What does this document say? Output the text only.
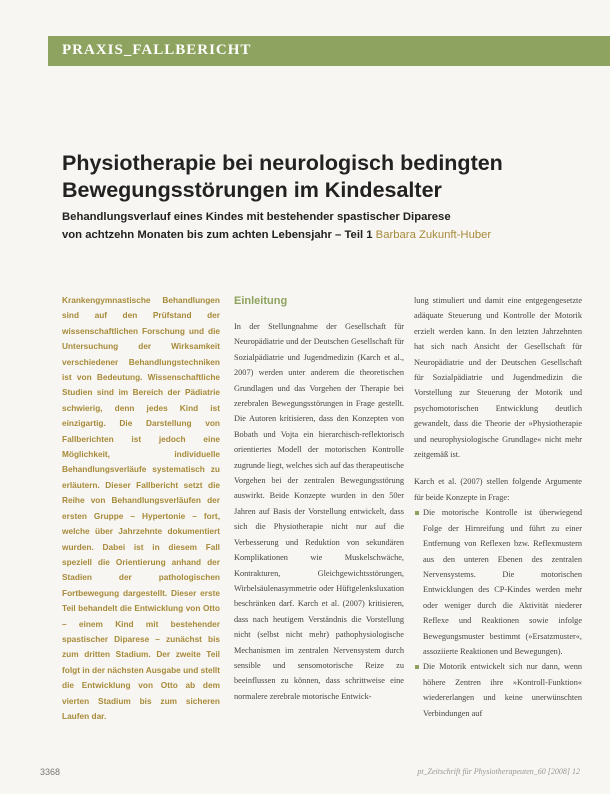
PRAXIS_FALLBERICHT
Physiotherapie bei neurologisch bedingten
Bewegungsstörungen im Kindesalter
Behandlungsverlauf eines Kindes mit bestehender spastischer Diparese
von achtzehn Monaten bis zum achten Lebensjahr – Teil 1 Barbara Zukunft-Huber

Krankengymnastische Behandlungen sind auf den Prüfstand der wissenschaftlichen Forschung und die Untersuchung der Wirksamkeit verschiedener Behandlungstechniken ist von Bedeutung. Wissenschaftliche Studien sind im Bereich der Pädiatrie schwierig, denn jedes Kind ist einzigartig. Die Darstellung von Fallberichten ist jedoch eine Möglichkeit, individuelle Behandlungsverläufe systematisch zu erläutern. Dieser Fallbericht setzt die Reihe von Behandlungsverläufen der ersten Gruppe – Hypertonie – fort, welche über Jahrzehnte dokumentiert wurden. Dabei ist in diesem Fall speziell die Orientierung anhand der Stadien der pathologischen Fortbewegung dargestellt. Dieser erste Teil behandelt die Entwicklung von Otto – einem Kind mit bestehender spastischer Diparese – zunächst bis zum dritten Stadium. Der zweite Teil folgt in der nächsten Ausgabe und stellt die Entwicklung von Otto ab dem vierten Stadium bis zum sicheren Laufen dar.

Einleitung

In der Stellungnahme der Gesellschaft für Neuropädiatrie und der Deutschen Gesellschaft für Sozialpädiatrie und Jugendmedizin (Karch et al., 2007) werden unter anderem die theoretischen Grundlagen und das Vorgehen der Therapie bei zerebralen Bewegungsstörungen in Frage gestellt. Die Autoren kritisieren, dass den Konzepten von Bobath und Vojta ein hierarchisch-reflektorisch orientiertes Modell der motorischen Kontrolle zugrunde liegt, welches sich auf das therapeutische Vorgehen bei der zentralen Bewegungsstörung auswirkt. Beide Konzepte wurden in den 50er Jahren auf Basis der Vorstellung entwickelt, dass sich die Physiotherapie nicht nur auf die Verbesserung und Reduktion von sekundären Komplikationen wie Muskelschwäche, Kontrakturen, Gleichgewichtsstörungen, Wirbelsäulenasymmetrie oder Hüftgelenksluxation beschränken darf. Karch et al. (2007) kritisieren, dass nach heutigem Verständnis die Vorstellung nicht (selbst nicht mehr) pathophysiologische Mechanismen im zentralen Nervensystem durch sensible und sensomotorische Reize zu beeinflussen zu können, dass schrittweise eine normalere zerebrale motorische Entwick-

lung stimuliert und damit eine entgegengesetzte adäquate Steuerung und Kontrolle der Motorik erzielt werden kann. In den letzten Jahrzehnten hat sich nach Ansicht der Gesellschaft für Neuropädiatrie und der Deutschen Gesellschaft für Sozialpädiatrie und Jugendmedizin die Vorstellung zur Steuerung der Motorik und psychomotorischen Entwicklung deutlich gewandelt, dass die Theorie der »Physiotherapie und neurophysiologische Grundlage« nicht mehr zeitgemäß ist.

Karch et al. (2007) stellen folgende Argumente für beide Konzepte in Frage:

Die motorische Kontrolle ist überwiegend Folge der Hirnreifung und führt zu einer Entfernung von Reflexen bzw. Reflexmustern aus den unteren Ebenen des zentralen Nervensystems. Die motorischen Entwicklungen des CP-Kindes werden mehr oder weniger durch die Aktivität niederer Reflexe und Reaktionen sowie infolge Bewegungsmuster bestimmt (»Ersatzmuster«, assoziierte Reaktionen und Bewegungen).
Die Motorik entwickelt sich nur dann, wenn höhere Zentren ihre »Kontroll-Funktion« wiedererlangen und keine unerwünschten Verbindungen auf
3368	pt_Zeitschrift für Physiotherapeuten_60 [2008] 12
